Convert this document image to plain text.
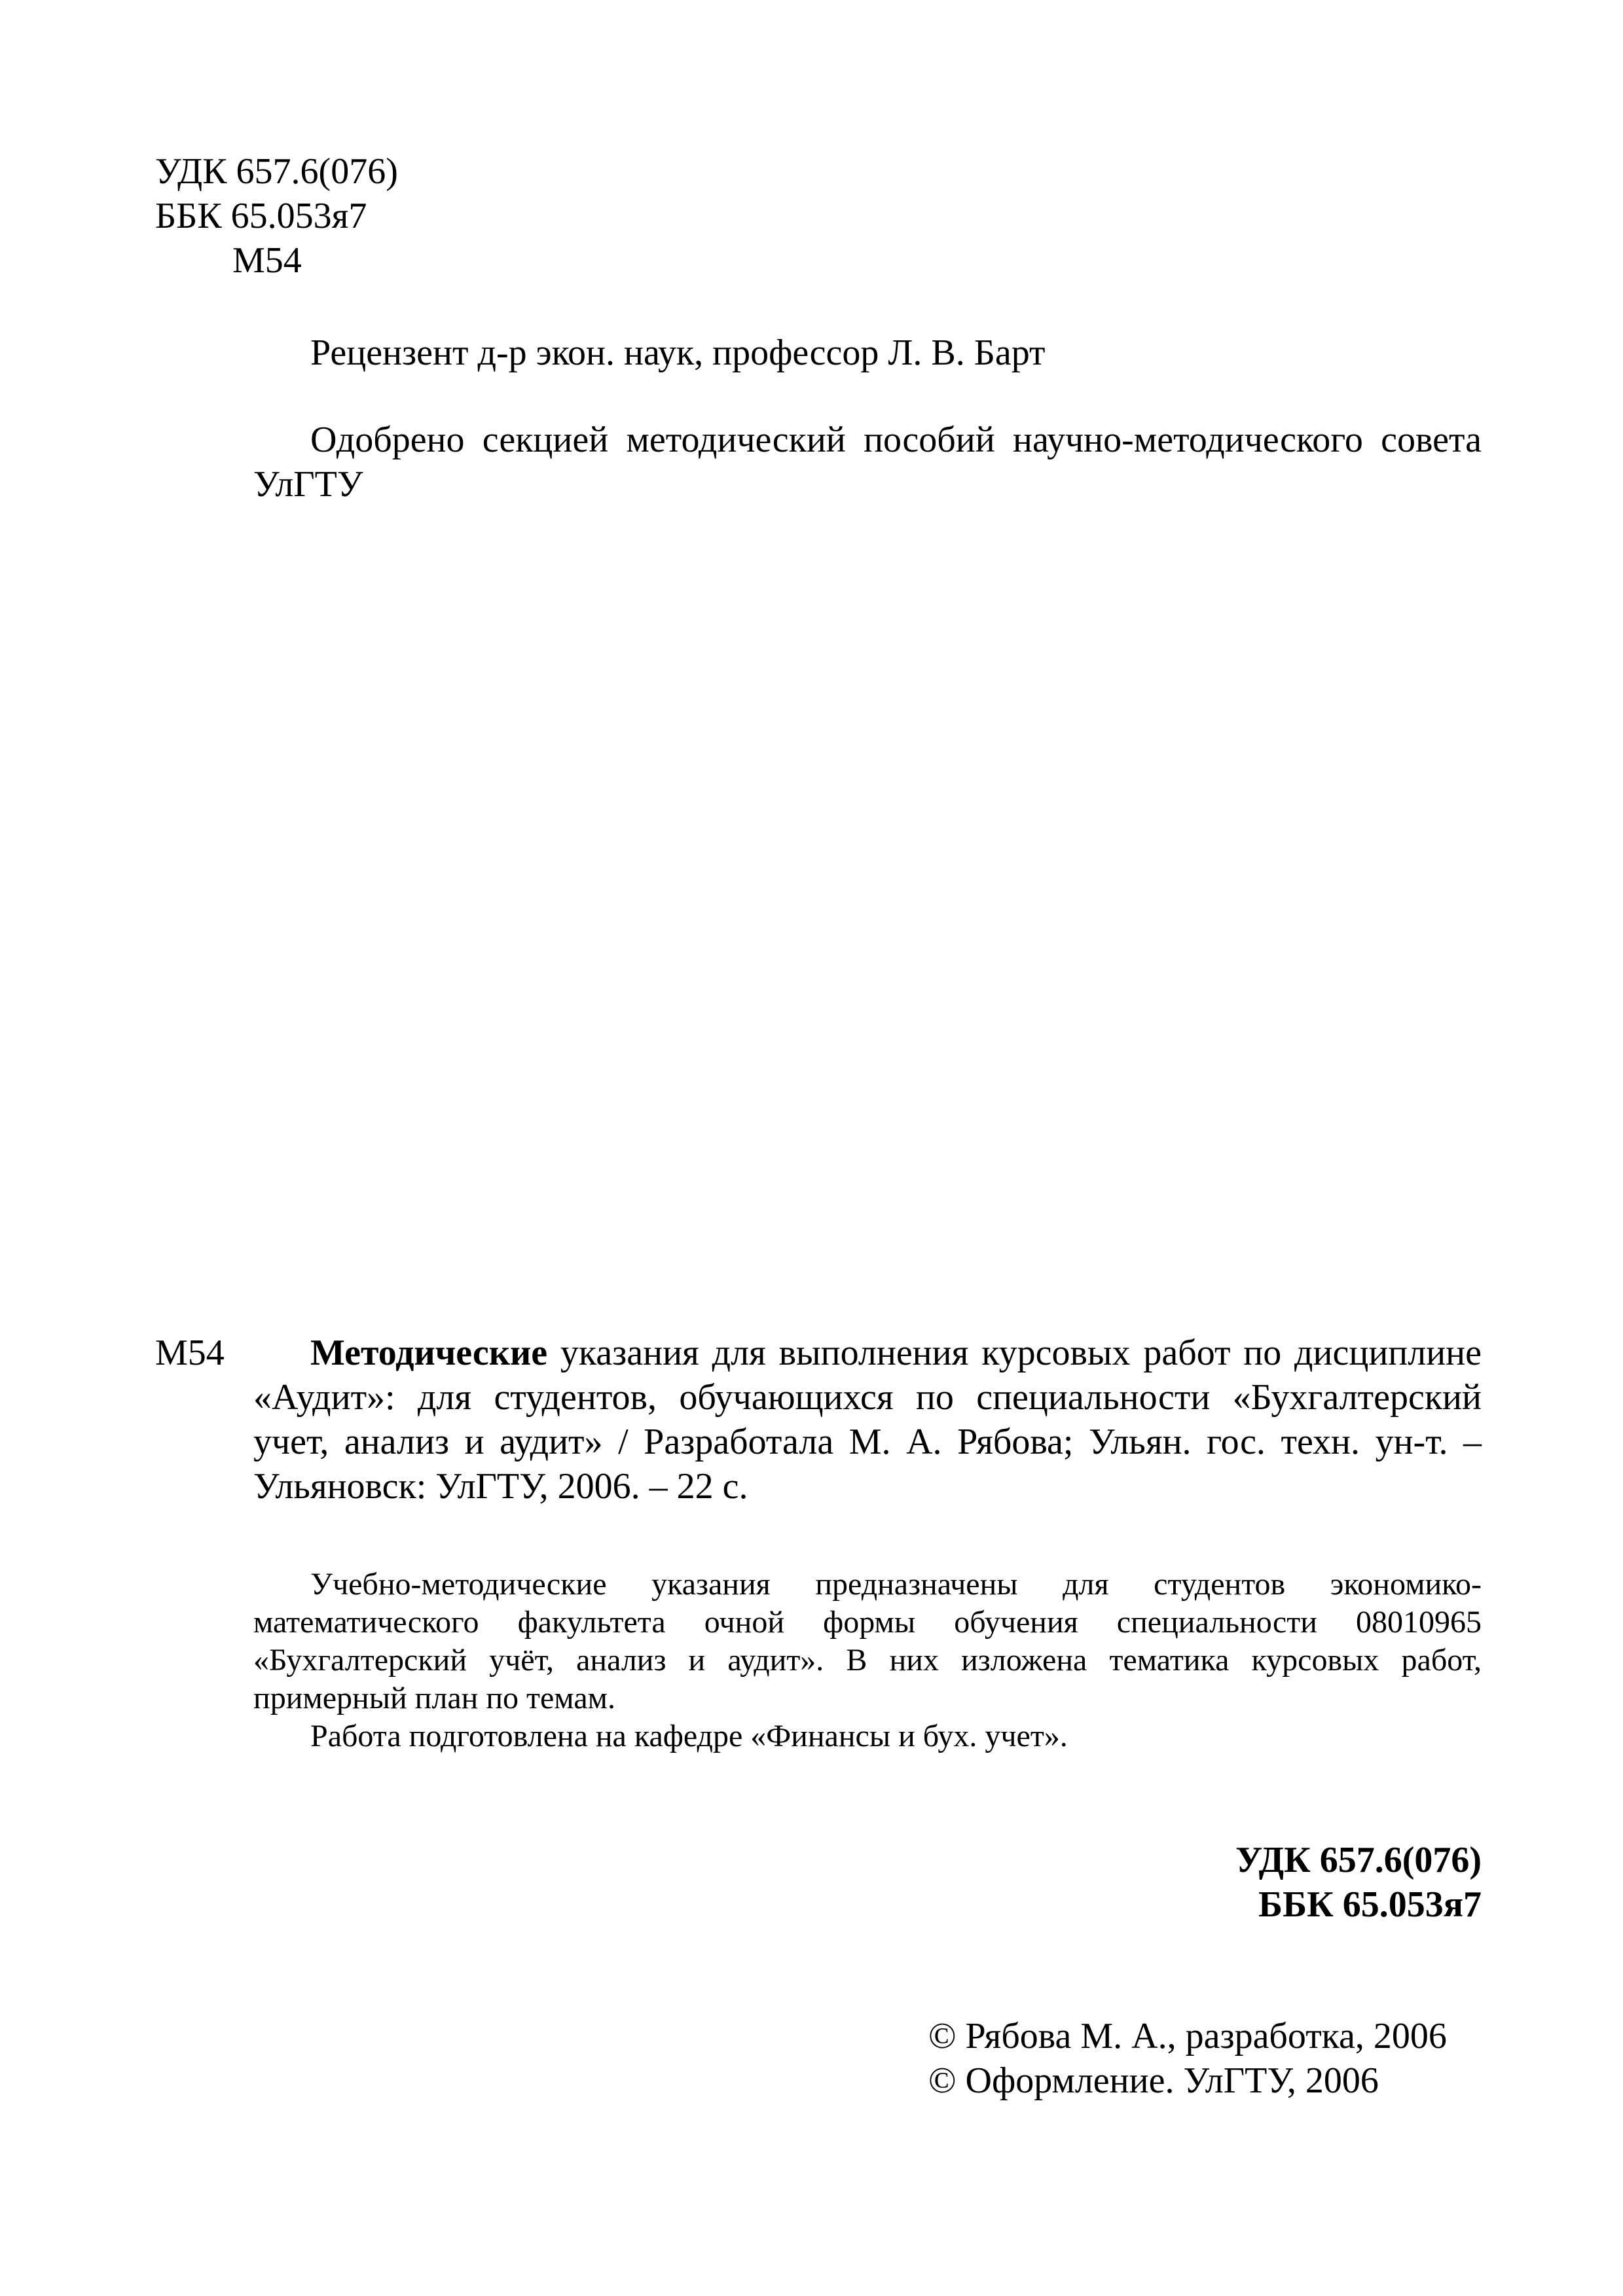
УДК 657.6(076)
ББК 65.053я7
М54
Рецензент д-р экон. наук, профессор Л. В. Барт
Одобрено секцией методический пособий научно-методического совета УлГТУ
М54	Методические указания для выполнения курсовых работ по дисциплине «Аудит»: для студентов, обучающихся по специальности «Бухгалтерский учет, анализ и аудит» / Разработала М. А. Рябова; Ульян. гос. техн. ун-т. – Ульяновск: УлГТУ, 2006. – 22 с.

Учебно-методические указания предназначены для студентов экономико-математического факультета очной формы обучения специальности 08010965 «Бухгалтерский учёт, анализ и аудит». В них изложена тематика курсовых работ, примерный план по темам.

Работа подготовлена на кафедре «Финансы и бух. учет».

УДК 657.6(076)
ББК 65.053я7
© Рябова М. А., разработка, 2006
© Оформление. УлГТУ, 2006
